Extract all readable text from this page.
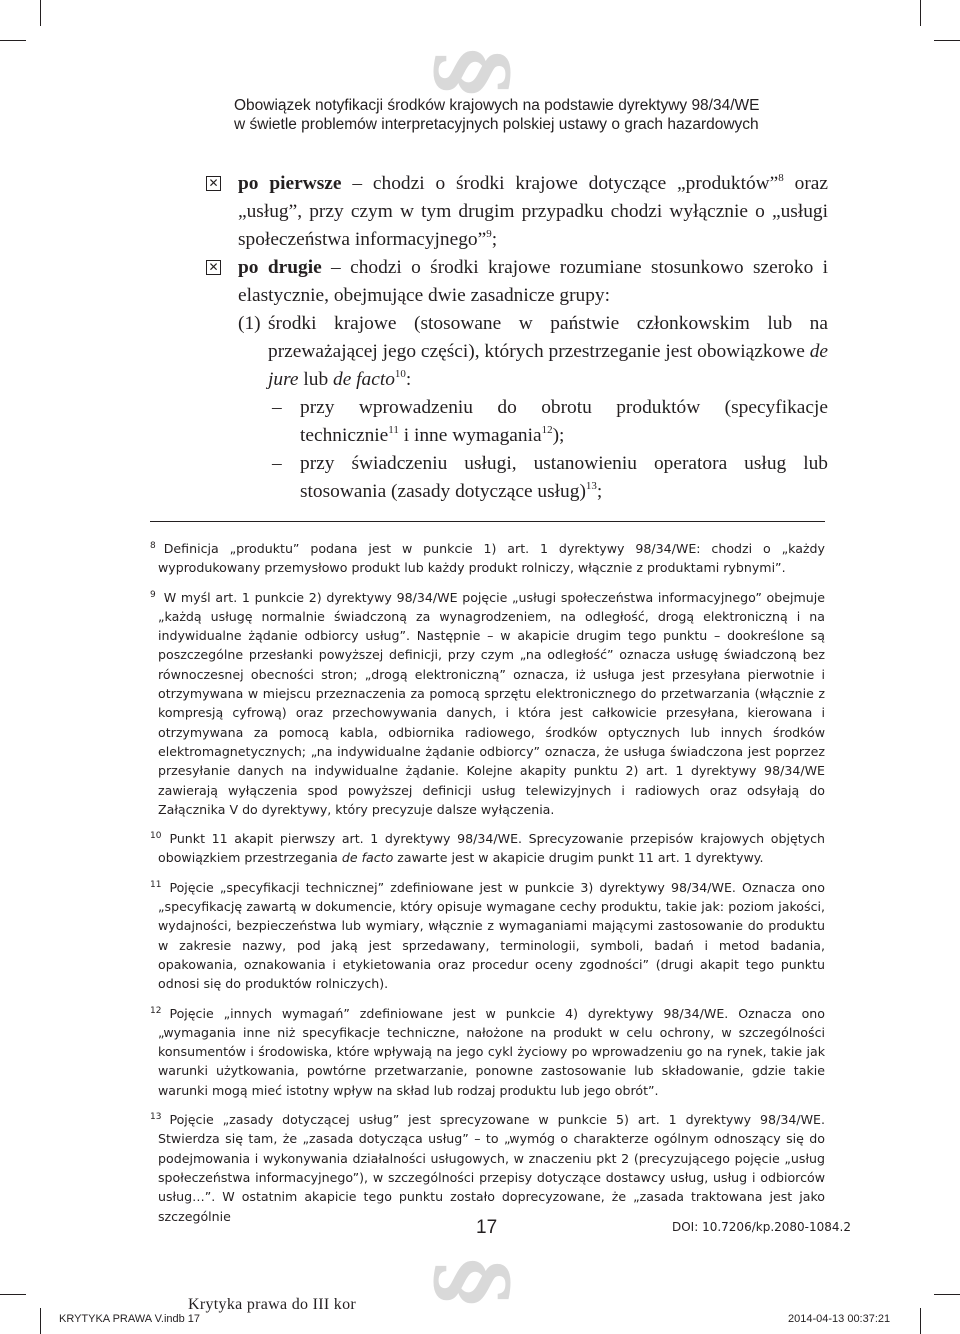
§
§
Obowiązek notyfikacji środków krajowych na podstawie dyrektywy 98/34/WE
w świetle problemów interpretacyjnych polskiej ustawy o grach hazardowych
✕ po pierwsze – chodzi o środki krajowe dotyczące „produktów”$^8$ oraz „usług”, przy czym w tym drugim przypadku chodzi wyłącznie o „usługi społeczeństwa informacyjnego”$^9$;
✕ po drugie – chodzi o środki krajowe rozumiane stosunkowo szeroko i elastycznie, obejmujące dwie zasadnicze grupy:
(1) środki krajowe (stosowane w państwie członkowskim lub na przeważającej jego części), których przestrzeganie jest obowiązkowe de jure lub de facto$^{10}$:
– przy wprowadzeniu do obrotu produktów (specyfikacje technicznie$^{11}$ i inne wymagania$^{12}$);
– przy świadczeniu usługi, ustanowieniu operatora usług lub stosowania (zasady dotyczące usług)$^{13}$;
$^8$ Definicja „produktu” podana jest w punkcie 1) art. 1 dyrektywy 98/34/WE: chodzi o „każdy wyprodukowany przemysłowo produkt lub każdy produkt rolniczy, włącznie z produktami rybnymi”.
$^9$ W myśl art. 1 punkcie 2) dyrektywy 98/34/WE pojęcie „usługi społeczeństwa informacyjnego” obejmuje „każdą usługę normalnie świadczoną za wynagrodzeniem, na odległość, drogą elektroniczną i na indywidualne żądanie odbiorcy usług”. Następnie – w akapicie drugim tego punktu – dookreślone są poszczególne przesłanki powyższej definicji, przy czym „na odległość” oznacza usługę świadczoną bez równoczesnej obecności stron; „drogą elektroniczną” oznacza, iż usługa jest przesyłana pierwotnie i otrzymywana w miejscu przeznaczenia za pomocą sprzętu elektronicznego do przetwarzania (włącznie z kompresją cyfrową) oraz przechowywania danych, i która jest całkowicie przesyłana, kierowana i otrzymywana za pomocą kabla, odbiornika radiowego, środków optycznych lub innych środków elektromagnetycznych; „na indywidualne żądanie odbiorcy” oznacza, że usługa świadczona jest poprzez przesyłanie danych na indywidualne żądanie. Kolejne akapity punktu 2) art. 1 dyrektywy 98/34/WE zawierają wyłączenia spod powyższej definicji usług telewizyjnych i radiowych oraz odsyłają do Załącznika V do dyrektywy, który precyzuje dalsze wyłączenia.
$^{10}$ Punkt 11 akapit pierwszy art. 1 dyrektywy 98/34/WE. Sprecyzowanie przepisów krajowych objętych obowiązkiem przestrzegania de facto zawarte jest w akapicie drugim punkt 11 art. 1 dyrektywy.
$^{11}$ Pojęcie „specyfikacji technicznej” zdefiniowane jest w punkcie 3) dyrektywy 98/34/WE. Oznacza ono „specyfikację zawartą w dokumencie, który opisuje wymagane cechy produktu, takie jak: poziom jakości, wydajności, bezpieczeństwa lub wymiary, włącznie z wymaganiami mającymi zastosowanie do produktu w zakresie nazwy, pod jaką jest sprzedawany, terminologii, symboli, badań i metod badania, opakowania, oznakowania i etykietowania oraz procedur oceny zgodności” (drugi akapit tego punktu odnosi się do produktów rolniczych).
$^{12}$ Pojęcie „innych wymagań” zdefiniowane jest w punkcie 4) dyrektywy 98/34/WE. Oznacza ono „wymagania inne niż specyfikacje techniczne, nałożone na produkt w celu ochrony, w szczególności konsumentów i środowiska, które wpływają na jego cykl życiowy po wprowadzeniu go na rynek, takie jak warunki użytkowania, powtórne przetwarzanie, ponowne zastosowanie lub składowanie, gdzie takie warunki mogą mieć istotny wpływ na skład lub rodzaj produktu lub jego obrót”.
$^{13}$ Pojęcie „zasady dotyczącej usług” jest sprecyzowane w punkcie 5) art. 1 dyrektywy 98/34/WE. Stwierdza się tam, że „zasada dotycząca usług” – to „wymóg o charakterze ogólnym odnoszący się do podejmowania i wykonywania działalności usługowych, w znaczeniu pkt 2 (precyzującego pojęcie „usług społeczeństwa informacyjnego”), w szczególności przepisy dotyczące dostawcy usług, usług i odbiorców usług…”. W ostatnim akapicie tego punktu zostało doprecyzowane, że „zasada traktowana jest jako szczególnie
17	DOI: 10.7206/kp.2080-1084.2
Krytyka prawa do III kor
KRYTYKA PRAWA V.indb 17	2014-04-13 00:37:21
